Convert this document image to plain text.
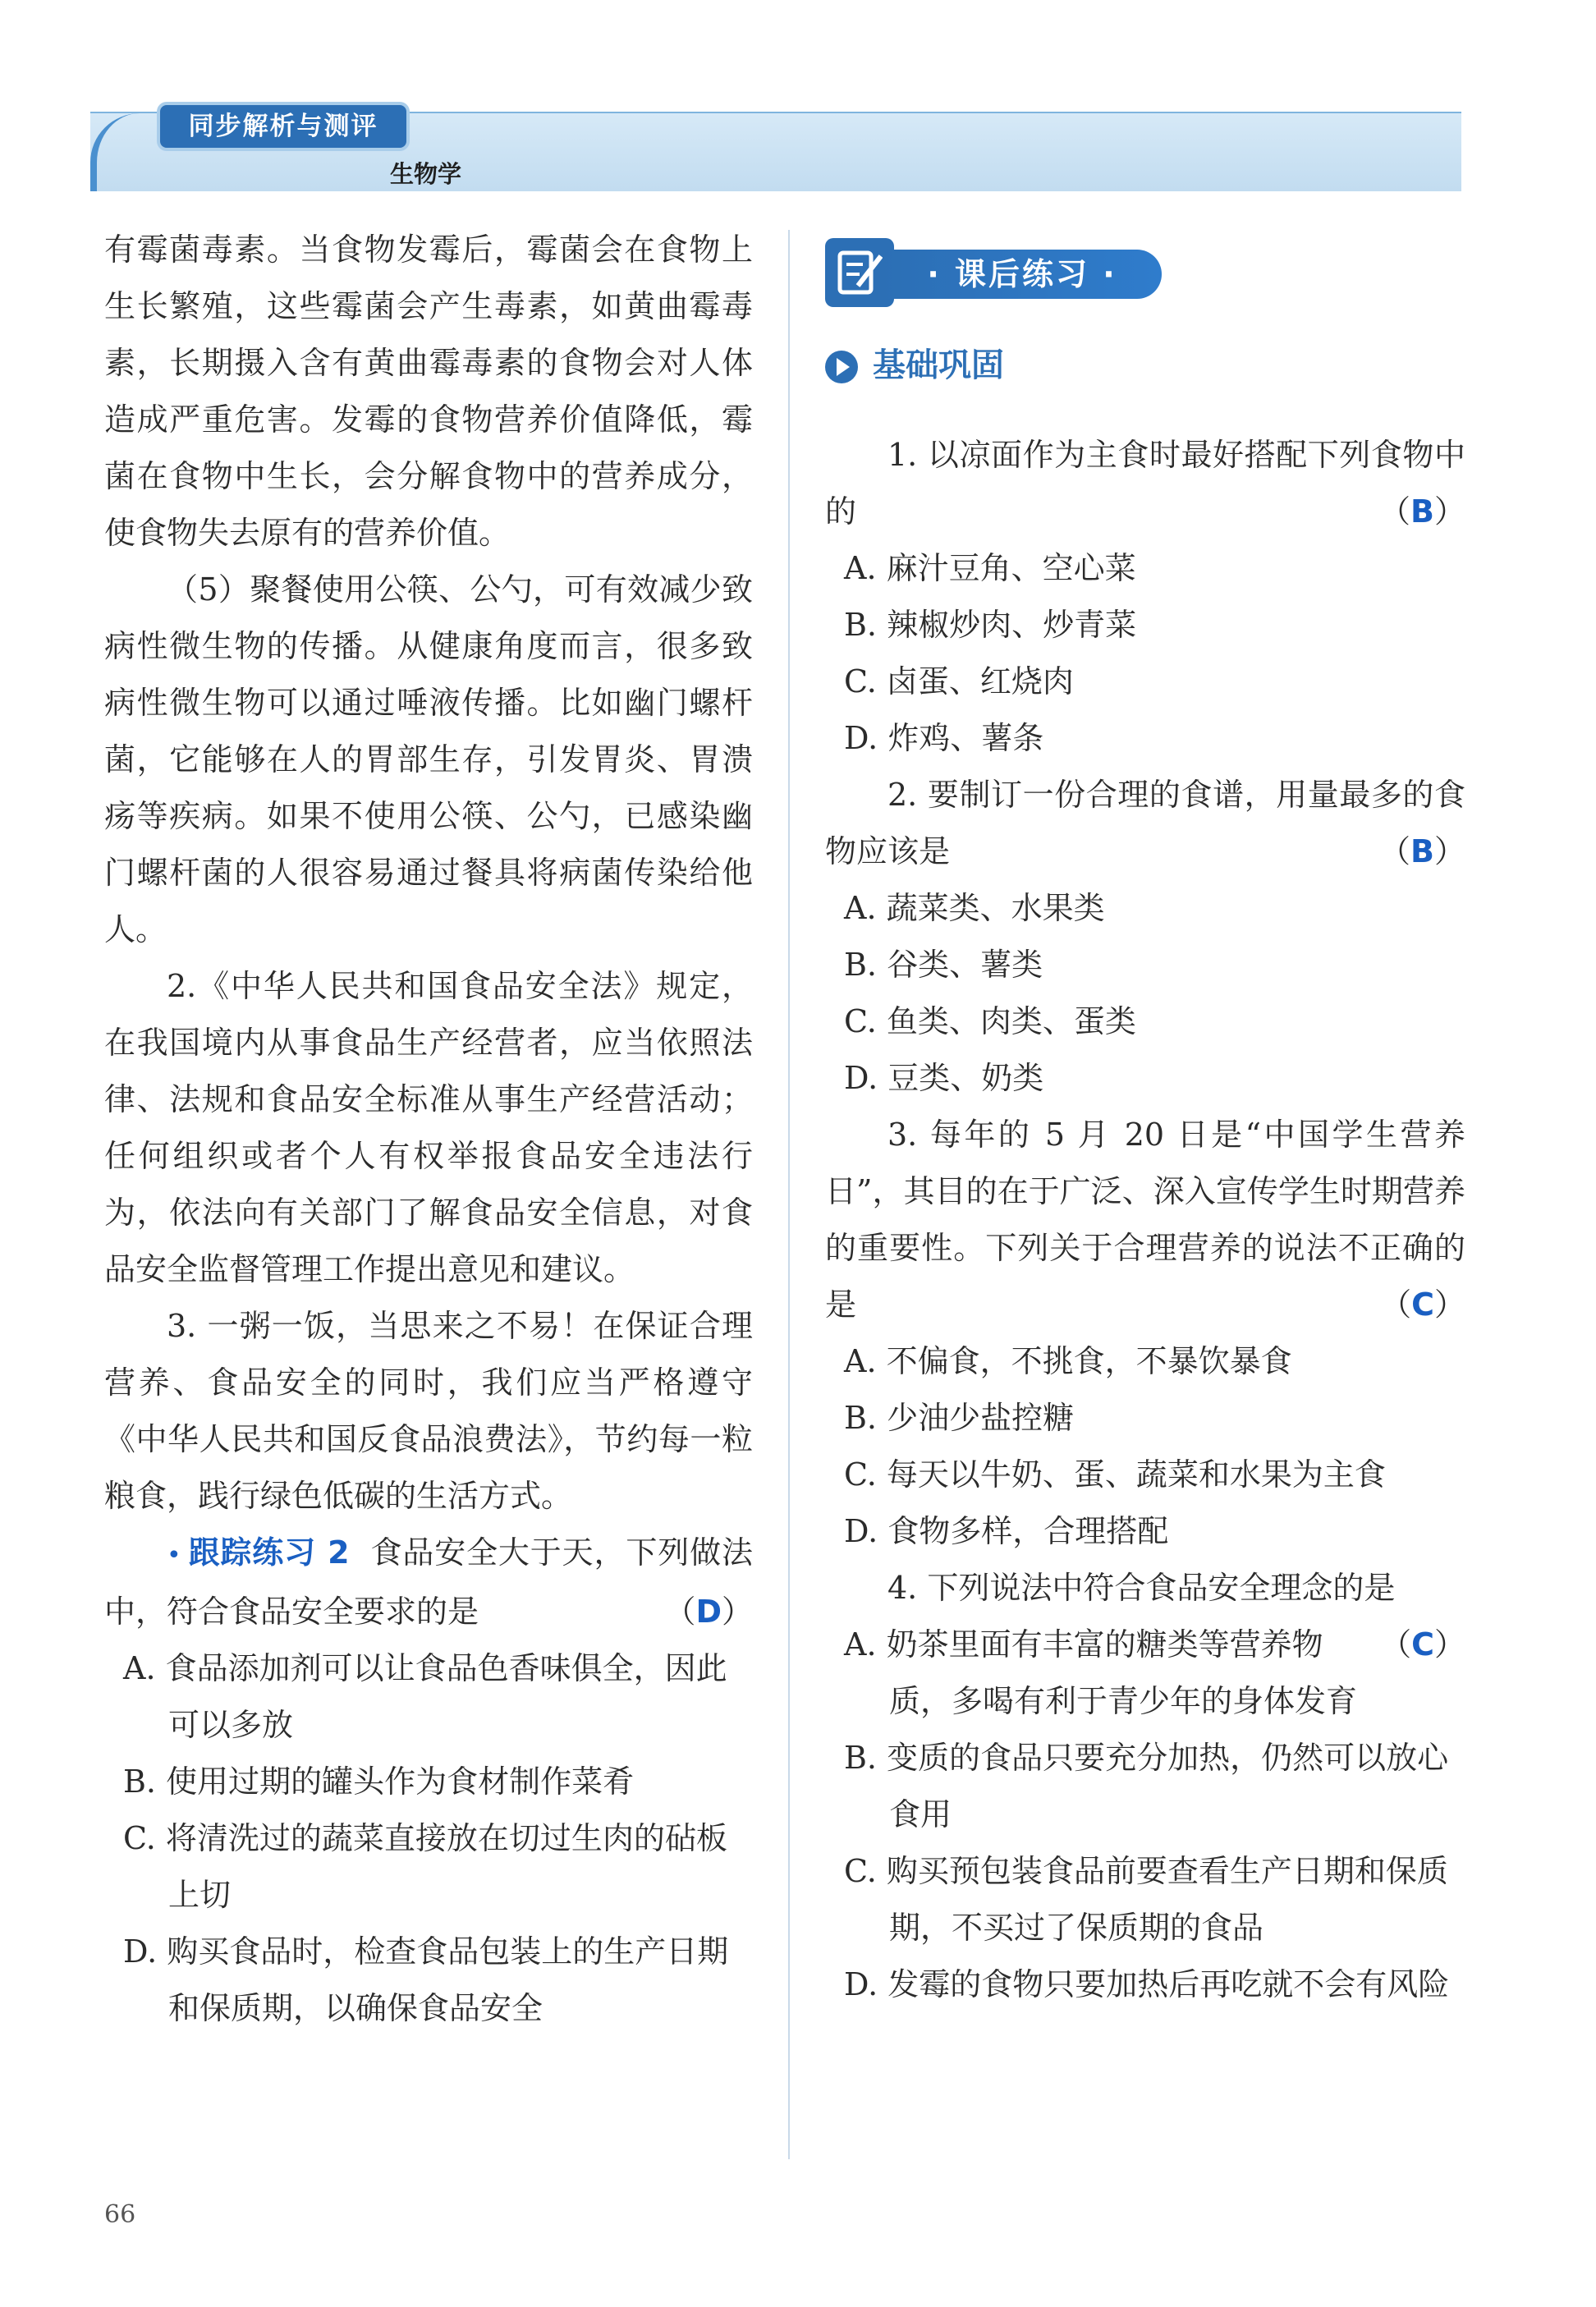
同步解析与测评
生物学

有霉菌毒素。当食物发霉后，霉菌会在食物上生长繁殖，这些霉菌会产生毒素，如黄曲霉毒素，长期摄入含有黄曲霉毒素的食物会对人体造成严重危害。发霉的食物营养价值降低，霉菌在食物中生长，会分解食物中的营养成分，使食物失去原有的营养价值。

（5）聚餐使用公筷、公勺，可有效减少致病性微生物的传播。从健康角度而言，很多致病性微生物可以通过唾液传播。比如幽门螺杆菌，它能够在人的胃部生存，引发胃炎、胃溃疡等疾病。如果不使用公筷、公勺，已感染幽门螺杆菌的人很容易通过餐具将病菌传染给他人。

2.《中华人民共和国食品安全法》规定，在我国境内从事食品生产经营者，应当依照法律、法规和食品安全标准从事生产经营活动；任何组织或者个人有权举报食品安全违法行为，依法向有关部门了解食品安全信息，对食品安全监督管理工作提出意见和建议。

3. 一粥一饭，当思来之不易！在保证合理营养、食品安全的同时，我们应当严格遵守《中华人民共和国反食品浪费法》，节约每一粒粮食，践行绿色低碳的生活方式。

• 跟踪练习 2 食品安全大于天，下列做法中，符合食品安全要求的是	（D）

A. 食品添加剂可以让食品色香味俱全，因此可以多放

B. 使用过期的罐头作为食材制作菜肴

C. 将清洗过的蔬菜直接放在切过生肉的砧板上切

D. 购买食品时，检查食品包装上的生产日期和保质期，以确保食品安全

· 课后练习 ·
基础巩固

1. 以凉面作为主食时最好搭配下列食物中的	（B）

A. 麻汁豆角、空心菜

B. 辣椒炒肉、炒青菜

C. 卤蛋、红烧肉

D. 炸鸡、薯条

2. 要制订一份合理的食谱，用量最多的食物应该是	（B）

A. 蔬菜类、水果类

B. 谷类、薯类

C. 鱼类、肉类、蛋类

D. 豆类、奶类

3. 每年的 5 月 20 日是“中国学生营养日”，其目的在于广泛、深入宣传学生时期营养的重要性。下列关于合理营养的说法不正确的是	（C）

A. 不偏食，不挑食，不暴饮暴食

B. 少油少盐控糖

C. 每天以牛奶、蛋、蔬菜和水果为主食

D. 食物多样，合理搭配

4. 下列说法中符合食品安全理念的是
（C）

A. 奶茶里面有丰富的糖类等营养物质，多喝有利于青少年的身体发育

B. 变质的食品只要充分加热，仍然可以放心食用

C. 购买预包装食品前要查看生产日期和保质期，不买过了保质期的食品

D. 发霉的食物只要加热后再吃就不会有风险

66
